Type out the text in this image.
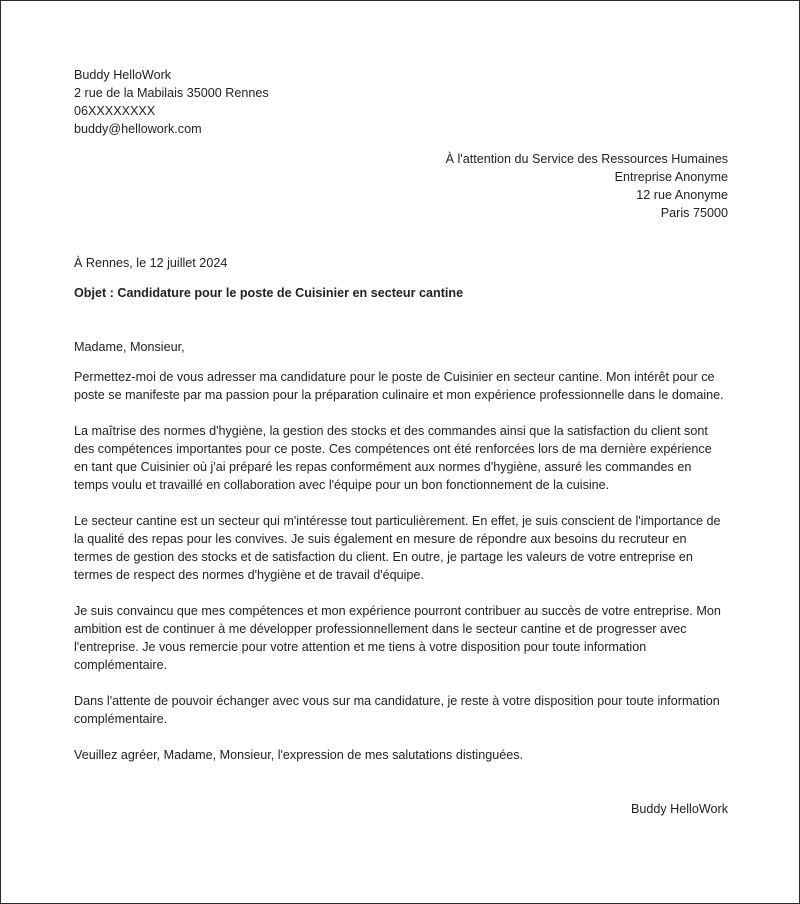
Buddy HelloWork
2 rue de la Mabilais 35000 Rennes
06XXXXXXXX
buddy@hellowork.com
À l'attention du Service des Ressources Humaines
Entreprise Anonyme
12 rue Anonyme
Paris 75000
À Rennes, le 12 juillet 2024
Objet : Candidature pour le poste de Cuisinier en secteur cantine
Madame, Monsieur,

Permettez-moi de vous adresser ma candidature pour le poste de Cuisinier en secteur cantine. Mon intérêt pour ce poste se manifeste par ma passion pour la préparation culinaire et mon expérience professionnelle dans le domaine.

La maîtrise des normes d'hygiène, la gestion des stocks et des commandes ainsi que la satisfaction du client sont des compétences importantes pour ce poste. Ces compétences ont été renforcées lors de ma dernière expérience en tant que Cuisinier où j'ai préparé les repas conformément aux normes d'hygiène, assuré les commandes en temps voulu et travaillé en collaboration avec l'équipe pour un bon fonctionnement de la cuisine.

Le secteur cantine est un secteur qui m'intéresse tout particulièrement. En effet, je suis conscient de l'importance de la qualité des repas pour les convives. Je suis également en mesure de répondre aux besoins du recruteur en termes de gestion des stocks et de satisfaction du client. En outre, je partage les valeurs de votre entreprise en termes de respect des normes d'hygiène et de travail d'équipe.

Je suis convaincu que mes compétences et mon expérience pourront contribuer au succès de votre entreprise. Mon ambition est de continuer à me développer professionnellement dans le secteur cantine et de progresser avec l'entreprise. Je vous remercie pour votre attention et me tiens à votre disposition pour toute information complémentaire.

Dans l'attente de pouvoir échanger avec vous sur ma candidature, je reste à votre disposition pour toute information complémentaire.

Veuillez agréer, Madame, Monsieur, l'expression de mes salutations distinguées.

Buddy HelloWork
